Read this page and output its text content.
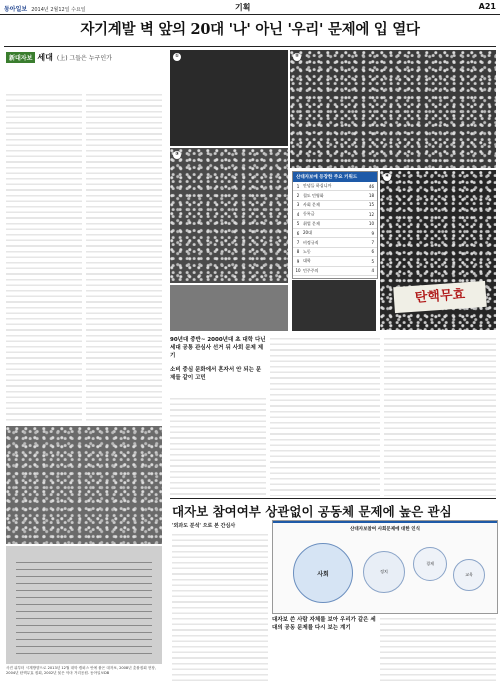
동아일보 2014년 2월12일 수요일	기획	A21
자기계발 벽 앞의 20대 '나' 아닌 '우리' 문제에 입 열다
新대자보 세대 (上) 그들은 누구인가	①	②
③
④
탄핵무효
산대자보에 등장한 주요 키워드
1 안녕들 하십니까	46
2 철도 민영화	18
3 사회 문제	15
4 등록금	12
5 취업 문제	10
6 20대	9
7 비정규직	7
8 노동	6
9 대학	5
10 민주주의	4
사진 위부터 시계방향으로 2013년 12월 대학 캠퍼스 안에 붙은 대자보, 2008년 촛불집회 현장, 2004년 탄핵무효 집회, 2002년 붉은 악마 거리응원. 동아일보DB
90년대 중반~ 2000년대 초 대학 다닌 세대 공통 관심사 선거 뒤 사회 문제 제기
소비 중심 문화에서 혼자서 안 되는 문제들 같이 고민
대자보 참여여부 상관없이 공동체 문제에 높은 관심
'외과도 분석' 으로 본 간심사
산대자보참여 사회문제에 대한 인식
사회	정치
경제
교육
대자보 쓴 사람 자체를 보아 우리가 같은 세대의 공동 문제를 다시 보는 계기
